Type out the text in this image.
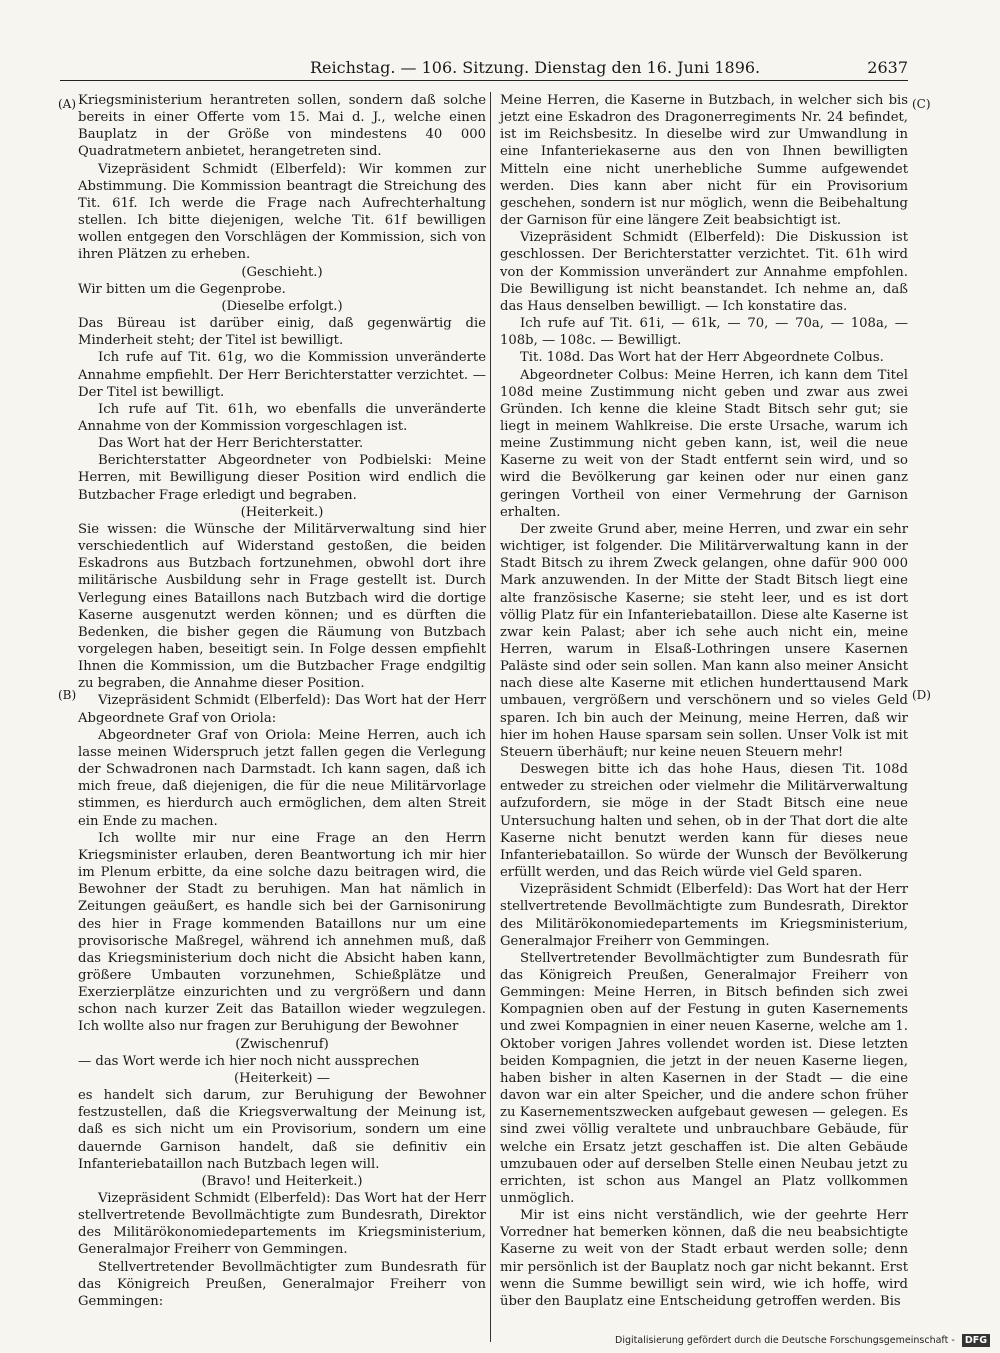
Reichstag. — 106. Sitzung. Dienstag den 16. Juni 1896.	2637
(A)
(B)
(C)
(D)

Kriegsministerium herantreten sollen, sondern daß solche bereits in einer Offerte vom 15. Mai d. J., welche einen Bauplatz in der Größe von mindestens 40 000 Quadratmetern anbietet, herangetreten sind.

Vizepräsident Schmidt (Elberfeld): Wir kommen zur Abstimmung. Die Kommission beantragt die Streichung des Tit. 61f. Ich werde die Frage nach Aufrechterhaltung stellen. Ich bitte diejenigen, welche Tit. 61f bewilligen wollen entgegen den Vorschlägen der Kommission, sich von ihren Plätzen zu erheben.

(Geschieht.)

Wir bitten um die Gegenprobe.

(Dieselbe erfolgt.)

Das Büreau ist darüber einig, daß gegenwärtig die Minderheit steht; der Titel ist bewilligt.

Ich rufe auf Tit. 61g, wo die Kommission unveränderte Annahme empfiehlt. Der Herr Berichterstatter verzichtet. — Der Titel ist bewilligt.

Ich rufe auf Tit. 61h, wo ebenfalls die unveränderte Annahme von der Kommission vorgeschlagen ist.

Das Wort hat der Herr Berichterstatter.

Berichterstatter Abgeordneter von Podbielski: Meine Herren, mit Bewilligung dieser Position wird endlich die Butzbacher Frage erledigt und begraben.

(Heiterkeit.)

Sie wissen: die Wünsche der Militärverwaltung sind hier verschiedentlich auf Widerstand gestoßen, die beiden Eskadrons aus Butzbach fortzunehmen, obwohl dort ihre militärische Ausbildung sehr in Frage gestellt ist. Durch Verlegung eines Bataillons nach Butzbach wird die dortige Kaserne ausgenutzt werden können; und es dürften die Bedenken, die bisher gegen die Räumung von Butzbach vorgelegen haben, beseitigt sein. In Folge dessen empfiehlt Ihnen die Kommission, um die Butzbacher Frage endgiltig zu begraben, die Annahme dieser Position.

Vizepräsident Schmidt (Elberfeld): Das Wort hat der Herr Abgeordnete Graf von Oriola:

Abgeordneter Graf von Oriola: Meine Herren, auch ich lasse meinen Widerspruch jetzt fallen gegen die Verlegung der Schwadronen nach Darmstadt. Ich kann sagen, daß ich mich freue, daß diejenigen, die für die neue Militärvorlage stimmen, es hierdurch auch ermöglichen, dem alten Streit ein Ende zu machen.

Ich wollte mir nur eine Frage an den Herrn Kriegsminister erlauben, deren Beantwortung ich mir hier im Plenum erbitte, da eine solche dazu beitragen wird, die Bewohner der Stadt zu beruhigen. Man hat nämlich in Zeitungen geäußert, es handle sich bei der Garnisonirung des hier in Frage kommenden Bataillons nur um eine provisorische Maßregel, während ich annehmen muß, daß das Kriegsministerium doch nicht die Absicht haben kann, größere Umbauten vorzunehmen, Schießplätze und Exerzierplätze einzurichten und zu vergrößern und dann schon nach kurzer Zeit das Bataillon wieder wegzulegen. Ich wollte also nur fragen zur Beruhigung der Bewohner

(Zwischenruf)

— das Wort werde ich hier noch nicht aussprechen

(Heiterkeit) —

es handelt sich darum, zur Beruhigung der Bewohner festzustellen, daß die Kriegsverwaltung der Meinung ist, daß es sich nicht um ein Provisorium, sondern um eine dauernde Garnison handelt, daß sie definitiv ein Infanteriebataillon nach Butzbach legen will.

(Bravo! und Heiterkeit.)

Vizepräsident Schmidt (Elberfeld): Das Wort hat der Herr stellvertretende Bevollmächtigte zum Bundesrath, Direktor des Militärökonomiedepartements im Kriegsministerium, Generalmajor Freiherr von Gemmingen.

Stellvertretender Bevollmächtigter zum Bundesrath für das Königreich Preußen, Generalmajor Freiherr von Gemmingen:

Meine Herren, die Kaserne in Butzbach, in welcher sich bis jetzt eine Eskadron des Dragonerregiments Nr. 24 befindet, ist im Reichsbesitz. In dieselbe wird zur Umwandlung in eine Infanteriekaserne aus den von Ihnen bewilligten Mitteln eine nicht unerhebliche Summe aufgewendet werden. Dies kann aber nicht für ein Provisorium geschehen, sondern ist nur möglich, wenn die Beibehaltung der Garnison für eine längere Zeit beabsichtigt ist.

Vizepräsident Schmidt (Elberfeld): Die Diskussion ist geschlossen. Der Berichterstatter verzichtet. Tit. 61h wird von der Kommission unverändert zur Annahme empfohlen. Die Bewilligung ist nicht beanstandet. Ich nehme an, daß das Haus denselben bewilligt. — Ich konstatire das.

Ich rufe auf Tit. 61i, — 61k, — 70, — 70a, — 108a, — 108b, — 108c. — Bewilligt.

Tit. 108d. Das Wort hat der Herr Abgeordnete Colbus.

Abgeordneter Colbus: Meine Herren, ich kann dem Titel 108d meine Zustimmung nicht geben und zwar aus zwei Gründen. Ich kenne die kleine Stadt Bitsch sehr gut; sie liegt in meinem Wahlkreise. Die erste Ursache, warum ich meine Zustimmung nicht geben kann, ist, weil die neue Kaserne zu weit von der Stadt entfernt sein wird, und so wird die Bevölkerung gar keinen oder nur einen ganz geringen Vortheil von einer Vermehrung der Garnison erhalten.

Der zweite Grund aber, meine Herren, und zwar ein sehr wichtiger, ist folgender. Die Militärverwaltung kann in der Stadt Bitsch zu ihrem Zweck gelangen, ohne dafür 900 000 Mark anzuwenden. In der Mitte der Stadt Bitsch liegt eine alte französische Kaserne; sie steht leer, und es ist dort völlig Platz für ein Infanteriebataillon. Diese alte Kaserne ist zwar kein Palast; aber ich sehe auch nicht ein, meine Herren, warum in Elsaß-Lothringen unsere Kasernen Paläste sind oder sein sollen. Man kann also meiner Ansicht nach diese alte Kaserne mit etlichen hunderttausend Mark umbauen, vergrößern und verschönern und so vieles Geld sparen. Ich bin auch der Meinung, meine Herren, daß wir hier im hohen Hause sparsam sein sollen. Unser Volk ist mit Steuern überhäuft; nur keine neuen Steuern mehr!

Deswegen bitte ich das hohe Haus, diesen Tit. 108d entweder zu streichen oder vielmehr die Militärverwaltung aufzufordern, sie möge in der Stadt Bitsch eine neue Untersuchung halten und sehen, ob in der That dort die alte Kaserne nicht benutzt werden kann für dieses neue Infanteriebataillon. So würde der Wunsch der Bevölkerung erfüllt werden, und das Reich würde viel Geld sparen.

Vizepräsident Schmidt (Elberfeld): Das Wort hat der Herr stellvertretende Bevollmächtigte zum Bundesrath, Direktor des Militärökonomiedepartements im Kriegsministerium, Generalmajor Freiherr von Gemmingen.

Stellvertretender Bevollmächtigter zum Bundesrath für das Königreich Preußen, Generalmajor Freiherr von Gemmingen: Meine Herren, in Bitsch befinden sich zwei Kompagnien oben auf der Festung in guten Kasernements und zwei Kompagnien in einer neuen Kaserne, welche am 1. Oktober vorigen Jahres vollendet worden ist. Diese letzten beiden Kompagnien, die jetzt in der neuen Kaserne liegen, haben bisher in alten Kasernen in der Stadt — die eine davon war ein alter Speicher, und die andere schon früher zu Kasernementszwecken aufgebaut gewesen — gelegen. Es sind zwei völlig veraltete und unbrauchbare Gebäude, für welche ein Ersatz jetzt geschaffen ist. Die alten Gebäude umzubauen oder auf derselben Stelle einen Neubau jetzt zu errichten, ist schon aus Mangel an Platz vollkommen unmöglich.

Mir ist eins nicht verständlich, wie der geehrte Herr Vorredner hat bemerken können, daß die neu beabsichtigte Kaserne zu weit von der Stadt erbaut werden solle; denn mir persönlich ist der Bauplatz noch gar nicht bekannt. Erst wenn die Summe bewilligt sein wird, wie ich hoffe, wird über den Bauplatz eine Entscheidung getroffen werden. Bis

Digitalisierung gefördert durch die Deutsche Forschungsgemeinschaft - DFG
